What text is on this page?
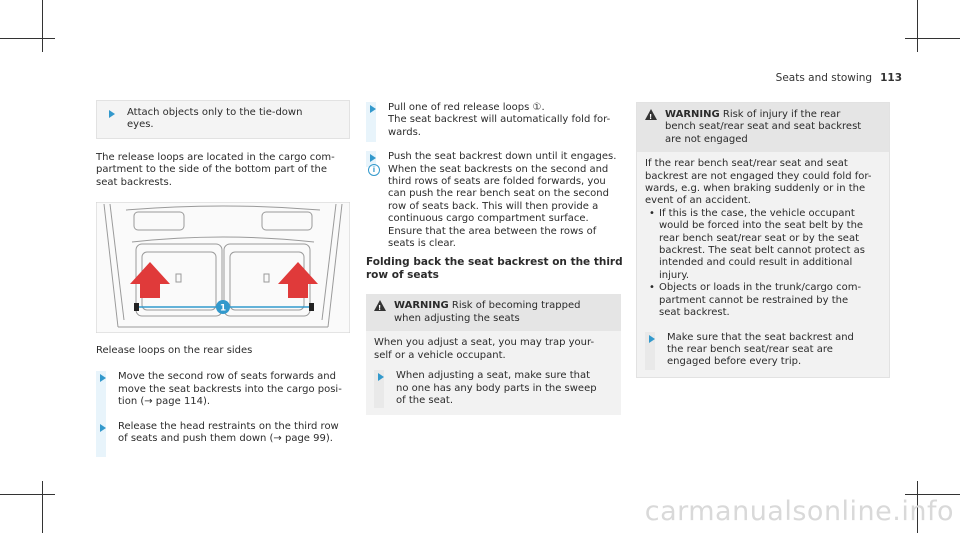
Seats and stowing 113
Attach objects only to the tie-down
eyes.
The release loops are located in the cargo com-
partment to the side of the bottom part of the
seat backrests.
1
Release loops on the rear sides
Move the second row of seats forwards and
move the seat backrests into the cargo posi-
tion (→ page 114).
Release the head restraints on the third row
of seats and push them down (→ page 99).
Pull one of red release loops ①.
The seat backrest will automatically fold for-
wards.
Push the seat backrest down until it engages.
i	When the seat backrests on the second and
third rows of seats are folded forwards, you
can push the rear bench seat on the second
row of seats back. This will then provide a
continuous cargo compartment surface.
Ensure that the area between the rows of
seats is clear.
Folding back the seat backrest on the third
row of seats
! WARNING Risk of becoming trapped
when adjusting the seats
When you adjust a seat, you may trap your-
self or a vehicle occupant.
When adjusting a seat, make sure that
no one has any body parts in the sweep
of the seat.
! WARNING Risk of injury if the rear
bench seat/rear seat and seat backrest
are not engaged
If the rear bench seat/rear seat and seat
backrest are not engaged they could fold for-
wards, e.g. when braking suddenly or in the
event of an accident.
• If this is the case, the vehicle occupant
would be forced into the seat belt by the
rear bench seat/rear seat or by the seat
backrest. The seat belt cannot protect as
intended and could result in additional
injury.
• Objects or loads in the trunk/cargo com-
partment cannot be restrained by the
seat backrest.
Make sure that the seat backrest and
the rear bench seat/rear seat are
engaged before every trip.
carmanualsonline.info
